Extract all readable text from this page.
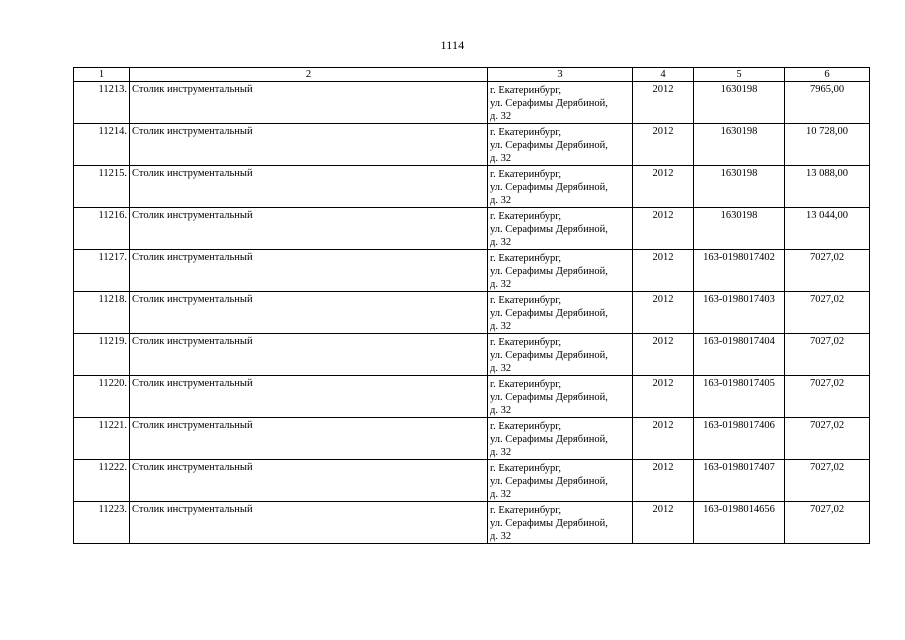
1114
1	2	3	4	5	6
11213.	Столик инструментальный	г. Екатеринбург,
ул. Серафимы Дерябиной,
д. 32	2012	1630198	7965,00
11214.	Столик инструментальный	г. Екатеринбург,
ул. Серафимы Дерябиной,
д. 32	2012	1630198	10 728,00
11215.	Столик инструментальный	г. Екатеринбург,
ул. Серафимы Дерябиной,
д. 32	2012	1630198	13 088,00
11216.	Столик инструментальный	г. Екатеринбург,
ул. Серафимы Дерябиной,
д. 32	2012	1630198	13 044,00
11217.	Столик инструментальный	г. Екатеринбург,
ул. Серафимы Дерябиной,
д. 32	2012	163-0198017402	7027,02
11218.	Столик инструментальный	г. Екатеринбург,
ул. Серафимы Дерябиной,
д. 32	2012	163-0198017403	7027,02
11219.	Столик инструментальный	г. Екатеринбург,
ул. Серафимы Дерябиной,
д. 32	2012	163-0198017404	7027,02
11220.	Столик инструментальный	г. Екатеринбург,
ул. Серафимы Дерябиной,
д. 32	2012	163-0198017405	7027,02
11221.	Столик инструментальный	г. Екатеринбург,
ул. Серафимы Дерябиной,
д. 32	2012	163-0198017406	7027,02
11222.	Столик инструментальный	г. Екатеринбург,
ул. Серафимы Дерябиной,
д. 32	2012	163-0198017407	7027,02
11223.	Столик инструментальный	г. Екатеринбург,
ул. Серафимы Дерябиной,
д. 32	2012	163-0198014656	7027,02
